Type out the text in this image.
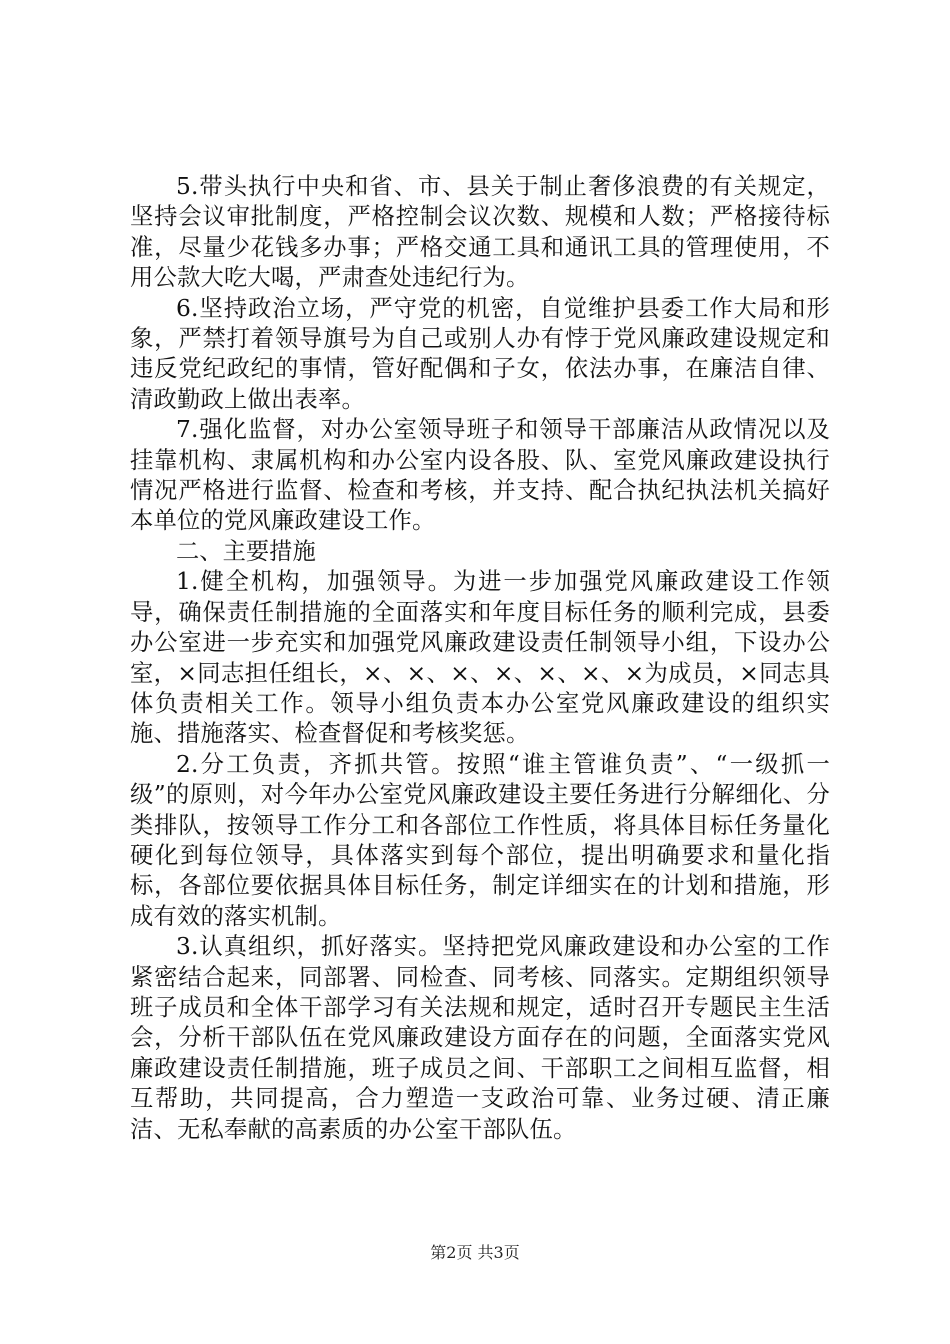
5.带头执行中央和省、市、县关于制止奢侈浪费的有关规定，坚持会议审批制度，严格控制会议次数、规模和人数；严格接待标准，尽量少花钱多办事；严格交通工具和通讯工具的管理使用，不用公款大吃大喝，严肃查处违纪行为。

6.坚持政治立场，严守党的机密，自觉维护县委工作大局和形象，严禁打着领导旗号为自己或别人办有悖于党风廉政建设规定和违反党纪政纪的事情，管好配偶和子女，依法办事，在廉洁自律、清政勤政上做出表率。

7.强化监督，对办公室领导班子和领导干部廉洁从政情况以及挂靠机构、隶属机构和办公室内设各股、队、室党风廉政建设执行情况严格进行监督、检查和考核，并支持、配合执纪执法机关搞好本单位的党风廉政建设工作。

二、主要措施

1.健全机构，加强领导。为进一步加强党风廉政建设工作领导，确保责任制措施的全面落实和年度目标任务的顺利完成，县委办公室进一步充实和加强党风廉政建设责任制领导小组，下设办公室，×同志担任组长，×、×、×、×、×、×、×为成员，×同志具体负责相关工作。领导小组负责本办公室党风廉政建设的组织实施、措施落实、检查督促和考核奖惩。

2.分工负责，齐抓共管。按照“谁主管谁负责”、“一级抓一级”的原则，对今年办公室党风廉政建设主要任务进行分解细化、分类排队，按领导工作分工和各部位工作性质，将具体目标任务量化硬化到每位领导，具体落实到每个部位，提出明确要求和量化指标，各部位要依据具体目标任务，制定详细实在的计划和措施，形成有效的落实机制。

3.认真组织，抓好落实。坚持把党风廉政建设和办公室的工作紧密结合起来，同部署、同检查、同考核、同落实。定期组织领导班子成员和全体干部学习有关法规和规定，适时召开专题民主生活会，分析干部队伍在党风廉政建设方面存在的问题，全面落实党风廉政建设责任制措施，班子成员之间、干部职工之间相互监督，相互帮助，共同提高，合力塑造一支政治可靠、业务过硬、清正廉洁、无私奉献的高素质的办公室干部队伍。

第2页 共3页
